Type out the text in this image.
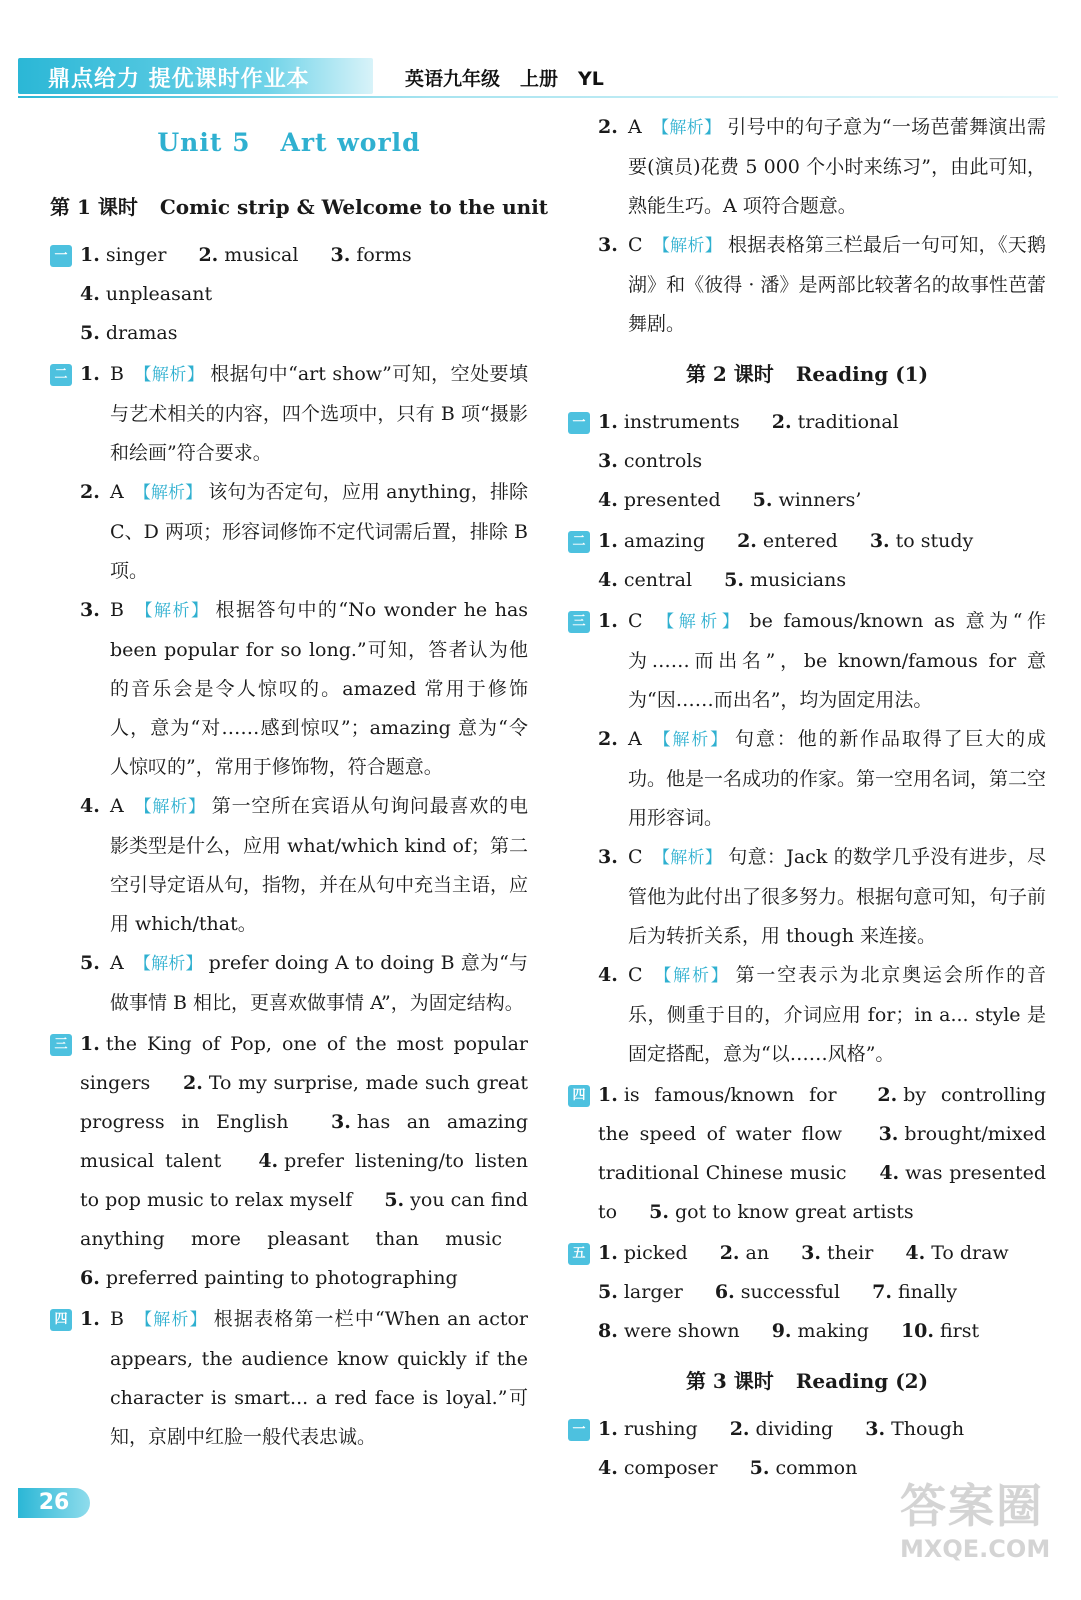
鼎点给力 提优课时作业本	英语九年级 上册 YL
Unit 5 Art world
第 1 课时 Comic strip & Welcome to the unit
一 1. singer 2. musical 3. forms 4. unpleasant
5. dramas
二 1. B 【 解析 】 根据句中“art show”可知，空处要填与艺术相关的内容，四个选项中，只有 B 项“摄影和绘画”符合要求。
2. A 【 解析 】 该句为否定句，应用 anything，排除 C、D 两项；形容词修饰不定代词需后置，排除 B 项。
3. B 【 解析 】 根据答句中的“No wonder he has been popular for so long.”可知，答者认为他的音乐会是令人惊叹的。amazed 常用于修饰人，意为“对……感到惊叹”；amazing 意为“令人惊叹的”，常用于修饰物，符合题意。
4. A 【 解析 】 第一空所在宾语从句询问最喜欢的电影类型是什么，应用 what/which kind of；第二空引导定语从句，指物，并在从句中充当主语，应用 which/that。
5. A 【 解析 】 prefer doing A to doing B 意为“与做事情 B 相比，更喜欢做事情 A”，为固定结构。
三 1. the King of Pop, one of the most popular singers 2. To my surprise, made such great progress in English 3. has an amazing musical talent 4. prefer listening/to listen to pop music to relax myself 5. you can find anything more pleasant than music 6. preferred painting to photographing
四 1. B 【 解析 】 根据表格第一栏中“When an actor appears, the audience know quickly if the character is smart... a red face is loyal.”可知，京剧中红脸一般代表忠诚。
2. A 【 解析 】 引号中的句子意为“一场芭蕾舞演出需要(演员)花费 5 000 个小时来练习”，由此可知，熟能生巧。A 项符合题意。
3. C 【 解析 】 根据表格第三栏最后一句可知，《天鹅湖》和《彼得 · 潘》是两部比较著名的故事性芭蕾舞剧。
第 2 课时 Reading (1)
一 1. instruments 2. traditional 3. controls
4. presented 5. winners’
二 1. amazing 2. entered 3. to study
4. central 5. musicians
三 1. C 【 解析 】 be famous/known as 意为“作为……而出名”，be known/famous for 意为“因……而出名”，均为固定用法。
2. A 【 解析 】 句意：他的新作品取得了巨大的成功。他是一名成功的作家。第一空用名词，第二空用形容词。
3. C 【 解析 】 句意：Jack 的数学几乎没有进步，尽管他为此付出了很多努力。根据句意可知，句子前后为转折关系，用 though 来连接。
4. C 【 解析 】 第一空表示为北京奥运会所作的音乐，侧重于目的，介词应用 for；in a... style 是固定搭配，意为“以……风格”。
四 1. is famous/known for 2. by controlling the speed of water flow 3. brought/mixed traditional Chinese music 4. was presented to 5. got to know great artists
五 1. picked 2. an 3. their 4. To draw
5. larger 6. successful 7. finally 8. were shown 9. making 10. first
第 3 课时 Reading (2)
一 1. rushing 2. dividing 3. Though
4. composer 5. common
26	答案圈
MXQE.COM
